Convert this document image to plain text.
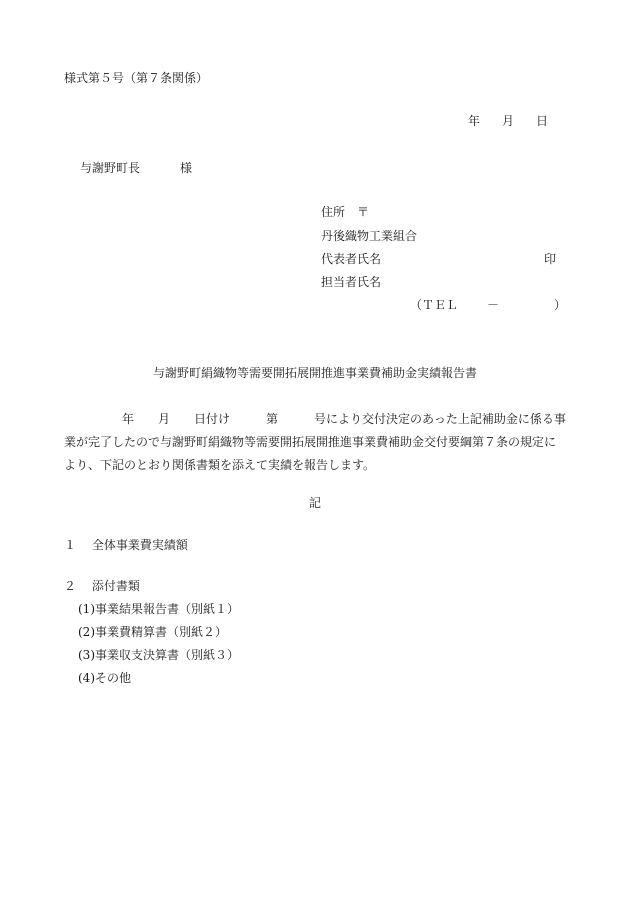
様式第５号（第７条関係）
年 月 日
与謝野町長	様
住所　〒
丹後織物工業組合
代表者氏名	印
担当者氏名
（ＴＥＬ －	）
与謝野町絹織物等需要開拓展開推進事業費補助金実績報告書
年　　月　　日付け　　　第　　　号により交付決定のあった上記補助金に係る事業が完了したので与謝野町絹織物等需要開拓展開推進事業費補助金交付要綱第７条の規定により、下記のとおり関係書類を添えて実績を報告します。
記
１　 全体事業費実績額
２　 添付書類
(1)事業結果報告書（別紙１）
(2)事業費精算書（別紙２）
(3)事業収支決算書（別紙３）
(4)その他
